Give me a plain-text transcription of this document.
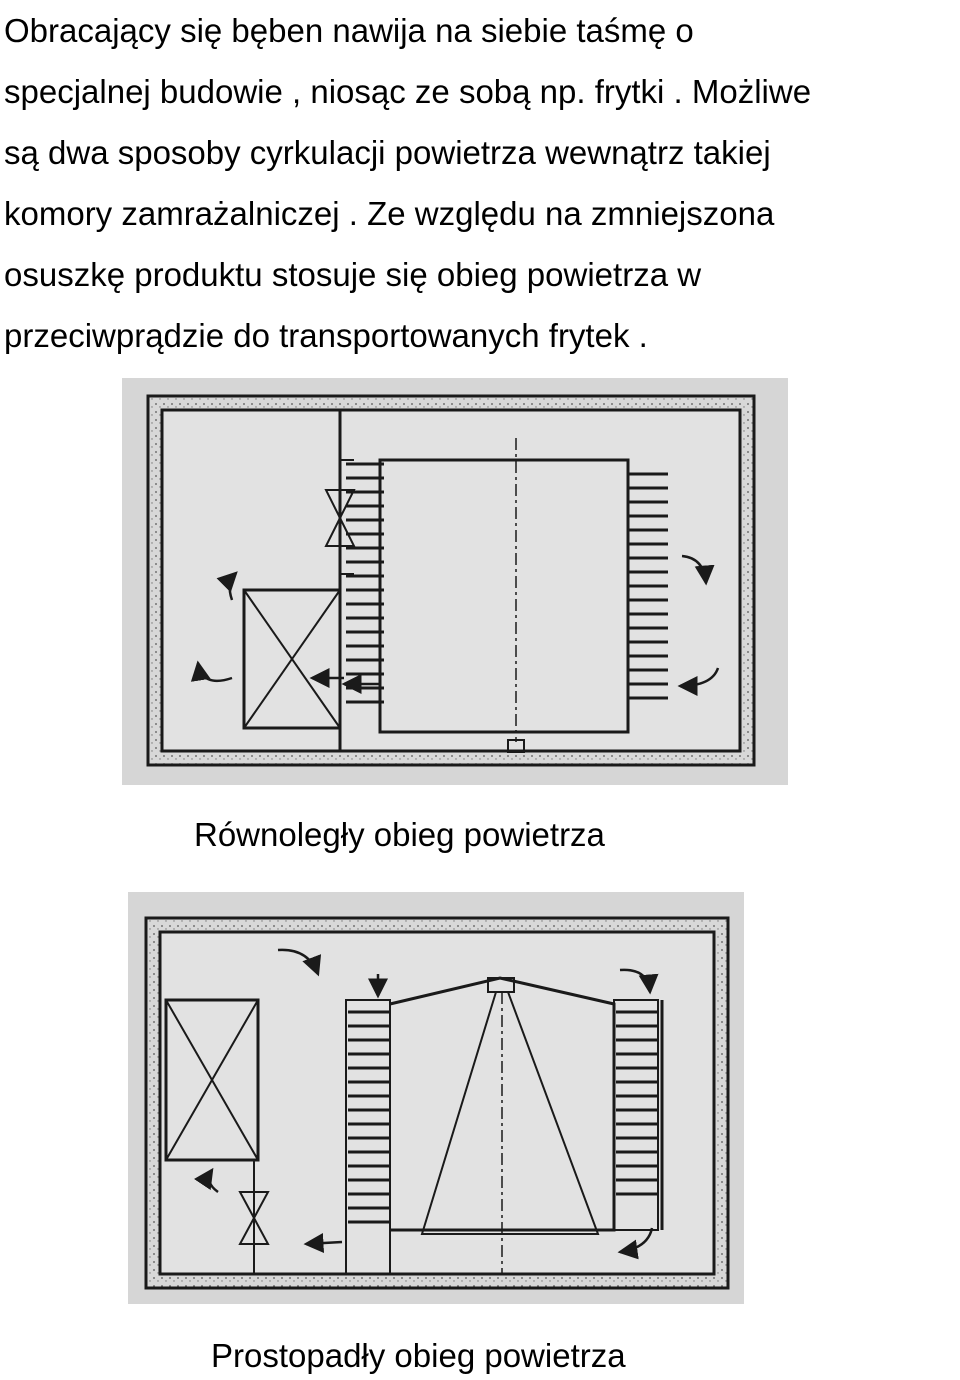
Obracający się bęben nawija na siebie taśmę o
specjalnej budowie , niosąc ze sobą np. frytki . Możliwe
są dwa sposoby cyrkulacji powietrza wewnątrz takiej
komory zamrażalniczej . Ze względu na zmniejszona
osuszkę produktu stosuje się obieg powietrza w
przeciwprądzie do transportowanych frytek .

Równoległy obieg powietrza
Prostopadły obieg powietrza
